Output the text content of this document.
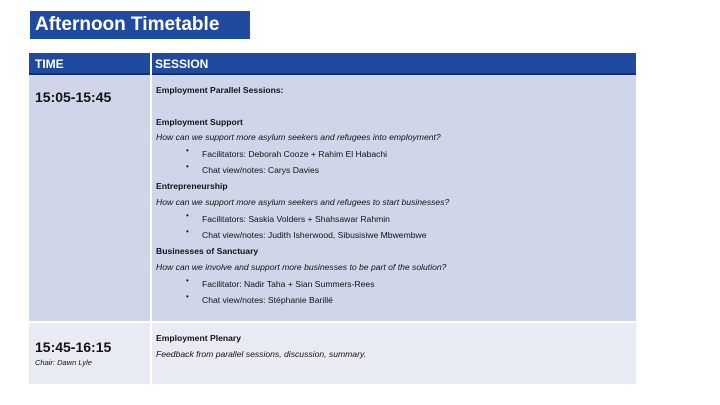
Afternoon Timetable
TIME	SESSION
15:05-15:45	Employment Parallel Sessions:
Employment Support
How can we support more asylum seekers and refugees into employment?
• Facilitators: Deborah Cooze + Rahim El Habachi
• Chat view/notes: Carys Davies
Entrepreneurship
How can we support more asylum seekers and refugees to start businesses?
• Facilitators: Saskia Volders + Shahsawar Rahmin
• Chat view/notes: Judith Isherwood, Sibusisiwe Mbwembwe
Businesses of Sanctuary
How can we involve and support more businesses to be part of the solution?
• Facilitator: Nadir Taha + Sian Summers-Rees
• Chat view/notes: Stéphanie Barillé
15:45-16:15
Chair: Dawn Lyle
Employment Plenary
Feedback from parallel sessions, discussion, summary.
